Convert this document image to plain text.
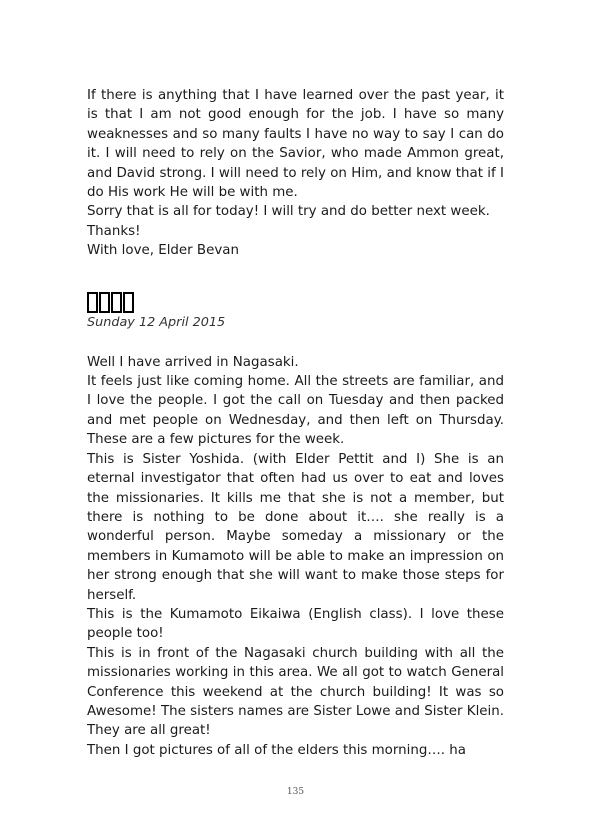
If there is anything that I have learned over the past year, it is that I am not good enough for the job. I have so many weaknesses and so many faults I have no way to say I can do it. I will need to rely on the Savior, who made Ammon great, and David strong. I will need to rely on Him, and know that if I do His work He will be with me.

Sorry that is all for today! I will try and do better next week.

Thanks!

With love, Elder Bevan

Sunday 12 April 2015

Well I have arrived in Nagasaki.

It feels just like coming home. All the streets are familiar, and I love the people. I got the call on Tuesday and then packed and met people on Wednesday, and then left on Thursday. These are a few pictures for the week.

This is Sister Yoshida. (with Elder Pettit and I) She is an eternal investigator that often had us over to eat and loves the missionaries. It kills me that she is not a member, but there is nothing to be done about it…. she really is a wonderful person. Maybe someday a missionary or the members in Kumamoto will be able to make an impression on her strong enough that she will want to make those steps for herself.

This is the Kumamoto Eikaiwa (English class). I love these people too!

This is in front of the Nagasaki church building with all the missionaries working in this area. We all got to watch General Conference this weekend at the church building! It was so Awesome! The sisters names are Sister Lowe and Sister Klein. They are all great!

Then I got pictures of all of the elders this morning…. ha

135
